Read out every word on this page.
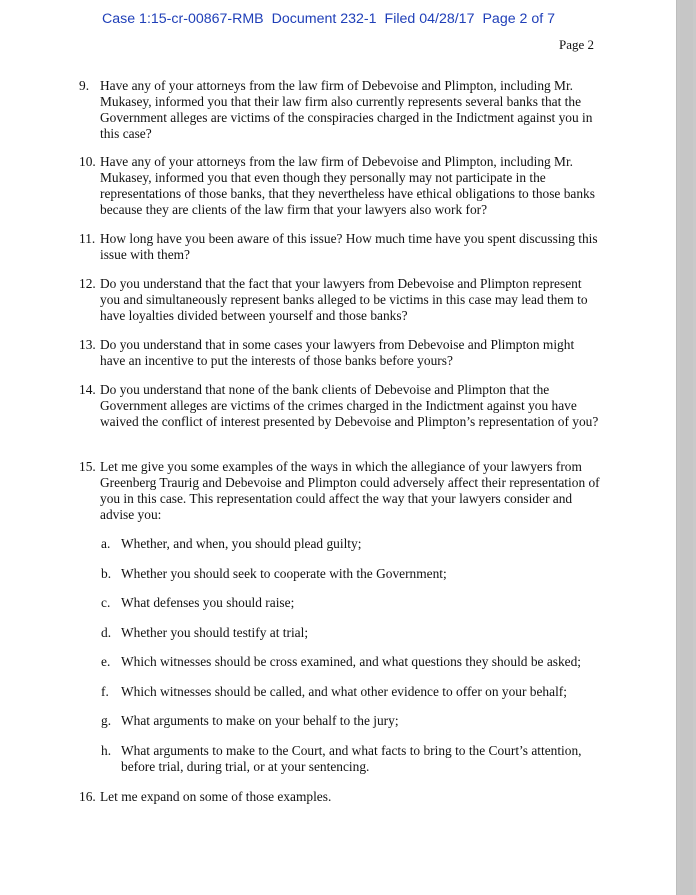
Case 1:15-cr-00867-RMB Document 232-1 Filed 04/28/17 Page 2 of 7
Page 2
9. Have any of your attorneys from the law firm of Debevoise and Plimpton, including Mr. Mukasey, informed you that their law firm also currently represents several banks that the Government alleges are victims of the conspiracies charged in the Indictment against you in this case?
10. Have any of your attorneys from the law firm of Debevoise and Plimpton, including Mr. Mukasey, informed you that even though they personally may not participate in the representations of those banks, that they nevertheless have ethical obligations to those banks because they are clients of the law firm that your lawyers also work for?
11. How long have you been aware of this issue? How much time have you spent discussing this issue with them?
12. Do you understand that the fact that your lawyers from Debevoise and Plimpton represent you and simultaneously represent banks alleged to be victims in this case may lead them to have loyalties divided between yourself and those banks?
13. Do you understand that in some cases your lawyers from Debevoise and Plimpton might have an incentive to put the interests of those banks before yours?
14. Do you understand that none of the bank clients of Debevoise and Plimpton that the Government alleges are victims of the crimes charged in the Indictment against you have waived the conflict of interest presented by Debevoise and Plimpton’s representation of you?
15. Let me give you some examples of the ways in which the allegiance of your lawyers from Greenberg Traurig and Debevoise and Plimpton could adversely affect their representation of you in this case. This representation could affect the way that your lawyers consider and advise you:
a. Whether, and when, you should plead guilty;
b. Whether you should seek to cooperate with the Government;
c. What defenses you should raise;
d. Whether you should testify at trial;
e. Which witnesses should be cross examined, and what questions they should be asked;
f. Which witnesses should be called, and what other evidence to offer on your behalf;
g. What arguments to make on your behalf to the jury;
h. What arguments to make to the Court, and what facts to bring to the Court’s attention, before trial, during trial, or at your sentencing.
16. Let me expand on some of those examples.
